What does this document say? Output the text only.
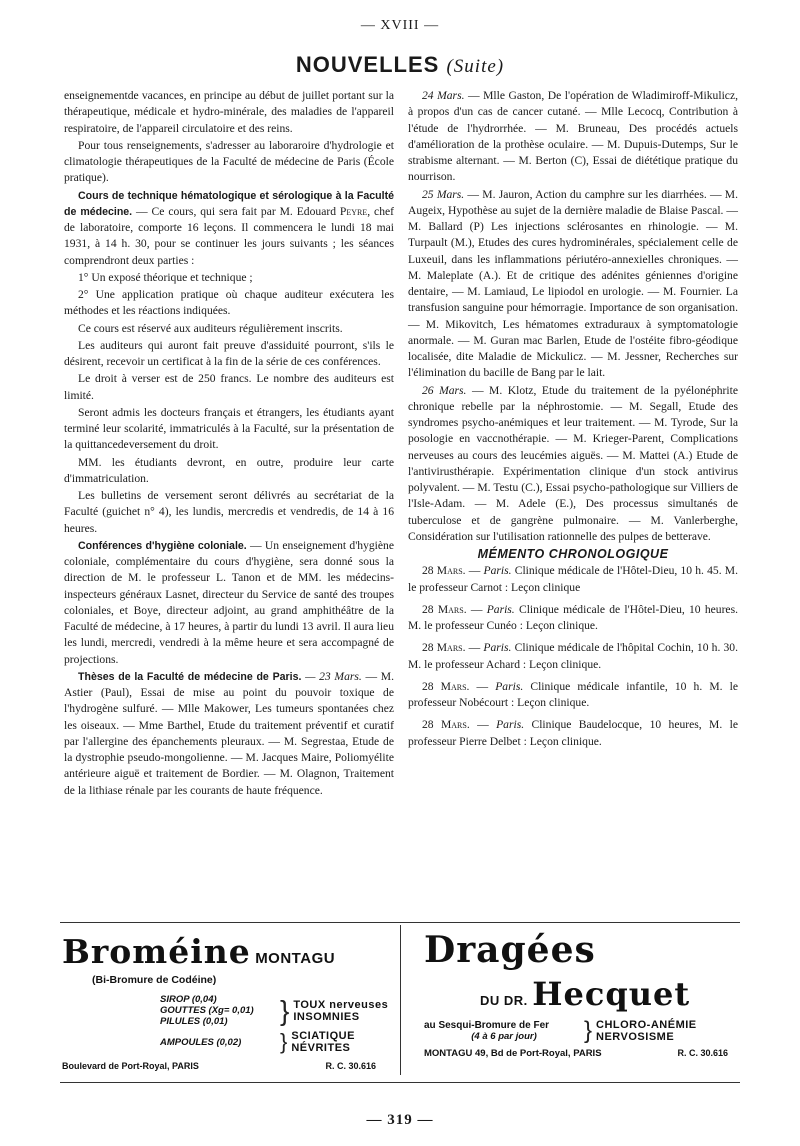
— XVIII —
NOUVELLES (Suite)

enseignementde vacances, en principe au début de juillet portant sur la thérapeutique, médicale et hydro-minérale, des maladies de l'appareil respiratoire, de l'appareil circulatoire et des reins.

Pour tous renseignements, s'adresser au laboraroire d'hydrologie et climatologie thérapeutiques de la Faculté de médecine de Paris (École pratique).

Cours de technique hématologique et sérologique à la Faculté de médecine. — Ce cours, qui sera fait par M. Edouard Peyre, chef de laboratoire, comporte 16 leçons. Il commencera le lundi 18 mai 1931, à 14 h. 30, pour se continuer les jours suivants ; les séances comprendront deux parties :

1° Un exposé théorique et technique ;

2° Une application pratique où chaque auditeur exécutera les méthodes et les réactions indiquées.

Ce cours est réservé aux auditeurs régulièrement inscrits.

Les auditeurs qui auront fait preuve d'assiduité pourront, s'ils le désirent, recevoir un certificat à la fin de la série de ces conférences.

Le droit à verser est de 250 francs. Le nombre des auditeurs est limité.

Seront admis les docteurs français et étrangers, les étudiants ayant terminé leur scolarité, immatriculés à la Faculté, sur la présentation de la quittancedeversement du droit.

MM. les étudiants devront, en outre, produire leur carte d'immatriculation.

Les bulletins de versement seront délivrés au secrétariat de la Faculté (guichet n° 4), les lundis, mercredis et vendredis, de 14 à 16 heures.

Conférences d'hygiène coloniale. — Un enseignement d'hygiène coloniale, complémentaire du cours d'hygiène, sera donné sous la direction de M. le professeur L. Tanon et de MM. les médecins-inspecteurs généraux Lasnet, directeur du Service de santé des troupes coloniales, et Boye, directeur adjoint, au grand amphithéâtre de la Faculté de médecine, à 17 heures, à partir du lundi 13 avril. Il aura lieu les lundi, mercredi, vendredi à la même heure et sera accompagné de projections.

Thèses de la Faculté de médecine de Paris. — 23 Mars. — M. Astier (Paul), Essai de mise au point du pouvoir toxique de l'hydrogène sulfuré. — Mlle Makower, Les tumeurs spontanées chez les oiseaux. — Mme Barthel, Etude du traitement préventif et curatif par l'allergine des épanchements pleuraux. — M. Segrestaa, Etude de la dystrophie pseudo-mongolienne. — M. Jacques Maire, Poliomyélite antérieure aiguë et traitement de Bordier. — M. Olagnon, Traitement de la lithiase rénale par les courants de haute fréquence.

24 Mars. — Mlle Gaston, De l'opération de Wladimiroff-Mikulicz, à propos d'un cas de cancer cutané. — Mlle Lecocq, Contribution à l'étude de l'hydrorrhée. — M. Bruneau, Des procédés actuels d'amélioration de la prothèse oculaire. — M. Dupuis-Dutemps, Sur le strabisme alternant. — M. Berton (C), Essai de diététique pratique du nourrison.

25 Mars. — M. Jauron, Action du camphre sur les diarrhées. — M. Augeix, Hypothèse au sujet de la dernière maladie de Blaise Pascal. — M. Ballard (P) Les injections sclérosantes en rhinologie. — M. Turpault (M.), Etudes des cures hydrominérales, spécialement celle de Luxeuil, dans les inflammations périutéro-annexielles chroniques. — M. Maleplate (A.). Et de critique des adénites géniennes d'origine dentaire, — M. Lamiaud, Le lipiodol en urologie. — M. Fournier. La transfusion sanguine pour hémorragie. Importance de son organisation. — M. Mikovitch, Les hématomes extraduraux à symptomatologie anormale. — M. Guran mac Barlen, Etude de l'ostéite fibro-géodique localisée, dite Maladie de Mickulicz. — M. Jessner, Recherches sur l'élimination du bacille de Bang par le lait.

26 Mars. — M. Klotz, Etude du traitement de la pyélonéphrite chronique rebelle par la néphrostomie. — M. Segall, Etude des syndromes psycho-anémiques et leur traitement. — M. Tyrode, Sur la posologie en vaccnothérapie. — M. Krieger-Parent, Complications nerveuses au cours des leucémies aiguës. — M. Mattei (A.) Etude de l'antivirusthérapie. Expérimentation clinique d'un stock antivirus polyvalent. — M. Testu (C.), Essai psycho-pathologique sur Villiers de l'Isle-Adam. — M. Adele (E.), Des processus simultanés de tuberculose et de gangrène pulmonaire. — M. Vanlerberghe, Considération sur l'utilisation rationnelle des pulpes de betterave.

MÉMENTO CHRONOLOGIQUE

28 Mars. — Paris. Clinique médicale de l'Hôtel-Dieu, 10 h. 45. M. le professeur Carnot : Leçon clinique

28 Mars. — Paris. Clinique médicale de l'Hôtel-Dieu, 10 heures. M. le professeur Cunéo : Leçon clinique.

28 Mars. — Paris. Clinique médicale de l'hôpital Cochin, 10 h. 30. M. le professeur Achard : Leçon clinique.

28 Mars. — Paris. Clinique médicale infantile, 10 h. M. le professeur Nobécourt : Leçon clinique.

28 Mars. — Paris. Clinique Baudelocque, 10 heures, M. le professeur Pierre Delbet : Leçon clinique.

Broméine MONTAGU
(Bi-Bromure de Codéine)
SIROP (0,04)
GOUTTES (Xg= 0,01)
PILULES (0,01)	} TOUX nerveuses
INSOMNIES
AMPOULES (0,02)	} SCIATIQUE
NÉVRITES
Boulevard de Port-Royal, PARIS	R. C. 30.616
Dragées
DU DR. Hecquet
au Sesqui-Bromure de Fer
(4 à 6 par jour)	} CHLORO-ANÉMIE
NERVOSISME
MONTAGU 49, Bd de Port-Royal, PARIS	R. C. 30.616
— 319 —
